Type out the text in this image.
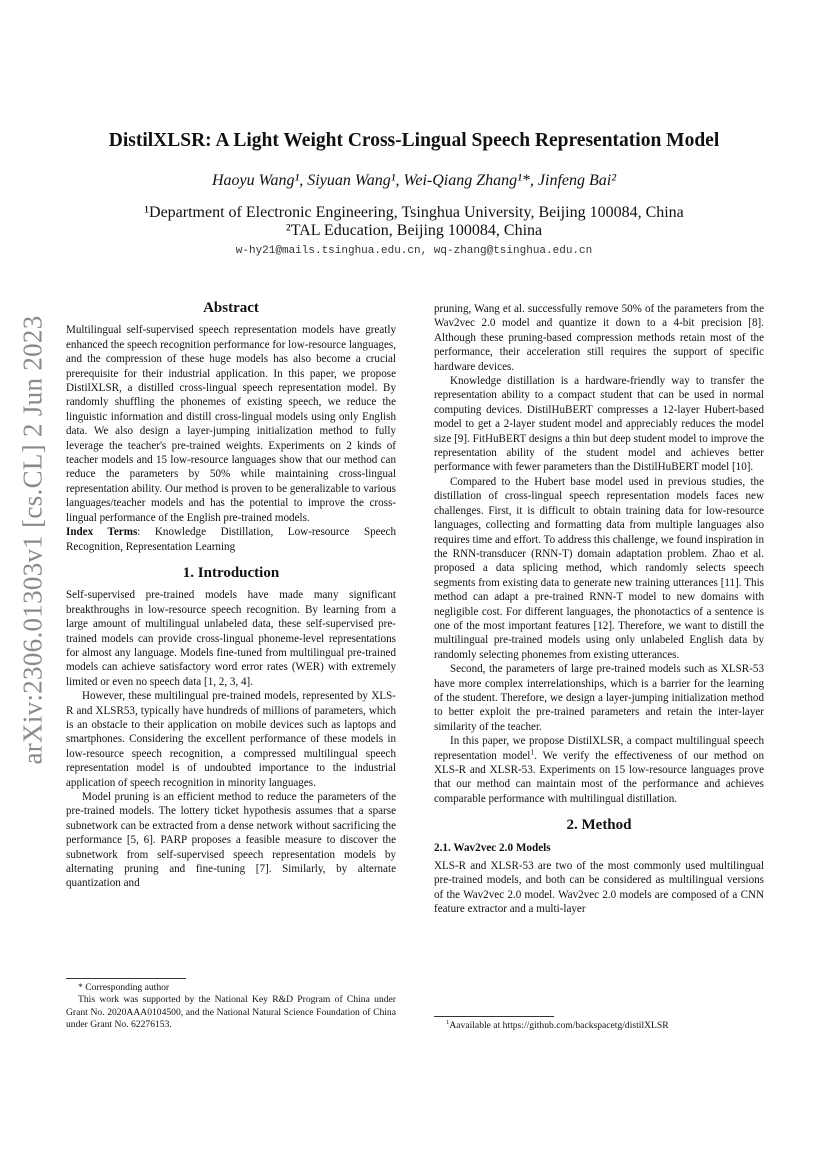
arXiv:2306.01303v1 [cs.CL] 2 Jun 2023
DistilXLSR: A Light Weight Cross-Lingual Speech Representation Model
Haoyu Wang¹, Siyuan Wang¹, Wei-Qiang Zhang¹*, Jinfeng Bai²
¹Department of Electronic Engineering, Tsinghua University, Beijing 100084, China
²TAL Education, Beijing 100084, China
w-hy21@mails.tsinghua.edu.cn, wq-zhang@tsinghua.edu.cn
Abstract

Multilingual self-supervised speech representation models have greatly enhanced the speech recognition performance for low-resource languages, and the compression of these huge models has also become a crucial prerequisite for their industrial application. In this paper, we propose DistilXLSR, a distilled cross-lingual speech representation model. By randomly shuffling the phonemes of existing speech, we reduce the linguistic information and distill cross-lingual models using only English data. We also design a layer-jumping initialization method to fully leverage the teacher's pre-trained weights. Experiments on 2 kinds of teacher models and 15 low-resource languages show that our method can reduce the parameters by 50% while maintaining cross-lingual representation ability. Our method is proven to be generalizable to various languages/teacher models and has the potential to improve the cross-lingual performance of the English pre-trained models.

Index Terms: Knowledge Distillation, Low-resource Speech Recognition, Representation Learning

1. Introduction

Self-supervised pre-trained models have made many significant breakthroughs in low-resource speech recognition. By learning from a large amount of multilingual unlabeled data, these self-supervised pre-trained models can provide cross-lingual phoneme-level representations for almost any language. Models fine-tuned from multilingual pre-trained models can achieve satisfactory word error rates (WER) with extremely limited or even no speech data [1, 2, 3, 4].

However, these multilingual pre-trained models, represented by XLS-R and XLSR53, typically have hundreds of millions of parameters, which is an obstacle to their application on mobile devices such as laptops and smartphones. Considering the excellent performance of these models in low-resource speech recognition, a compressed multilingual speech representation model is of undoubted importance to the industrial application of speech recognition in minority languages.

Model pruning is an efficient method to reduce the parameters of the pre-trained models. The lottery ticket hypothesis assumes that a sparse subnetwork can be extracted from a dense network without sacrificing the performance [5, 6]. PARP proposes a feasible measure to discover the subnetwork from self-supervised speech representation models by alternating pruning and fine-tuning [7]. Similarly, by alternate quantization and

* Corresponding author

This work was supported by the National Key R&D Program of China under Grant No. 2020AAA0104500, and the National Natural Science Foundation of China under Grant No. 62276153.

pruning, Wang et al. successfully remove 50% of the parameters from the Wav2vec 2.0 model and quantize it down to a 4-bit precision [8]. Although these pruning-based compression methods retain most of the performance, their acceleration still requires the support of specific hardware devices.

Knowledge distillation is a hardware-friendly way to transfer the representation ability to a compact student that can be used in normal computing devices. DistilHuBERT compresses a 12-layer Hubert-based model to get a 2-layer student model and appreciably reduces the model size [9]. FitHuBERT designs a thin but deep student model to improve the representation ability of the student model and achieves better performance with fewer parameters than the DistilHuBERT model [10].

Compared to the Hubert base model used in previous studies, the distillation of cross-lingual speech representation models faces new challenges. First, it is difficult to obtain training data for low-resource languages, collecting and formatting data from multiple languages also requires time and effort. To address this challenge, we found inspiration in the RNN-transducer (RNN-T) domain adaptation problem. Zhao et al. proposed a data splicing method, which randomly selects speech segments from existing data to generate new training utterances [11]. This method can adapt a pre-trained RNN-T model to new domains with negligible cost. For different languages, the phonotactics of a sentence is one of the most important features [12]. Therefore, we want to distill the multilingual pre-trained models using only unlabeled English data by randomly selecting phonemes from existing utterances.

Second, the parameters of large pre-trained models such as XLSR-53 have more complex interrelationships, which is a barrier for the learning of the student. Therefore, we design a layer-jumping initialization method to better exploit the pre-trained parameters and retain the inter-layer similarity of the teacher.

In this paper, we propose DistilXLSR, a compact multilingual speech representation model$^1$. We verify the effectiveness of our method on XLS-R and XLSR-53. Experiments on 15 low-resource languages prove that our method can maintain most of the performance and achieves comparable performance with multilingual distillation.

2. Method
2.1. Wav2vec 2.0 Models

XLS-R and XLSR-53 are two of the most commonly used multilingual pre-trained models, and both can be considered as multilingual versions of the Wav2vec 2.0 model. Wav2vec 2.0 models are composed of a CNN feature extractor and a multi-layer

$^1$Aavailable at https://github.com/backspacetg/distilXLSR
